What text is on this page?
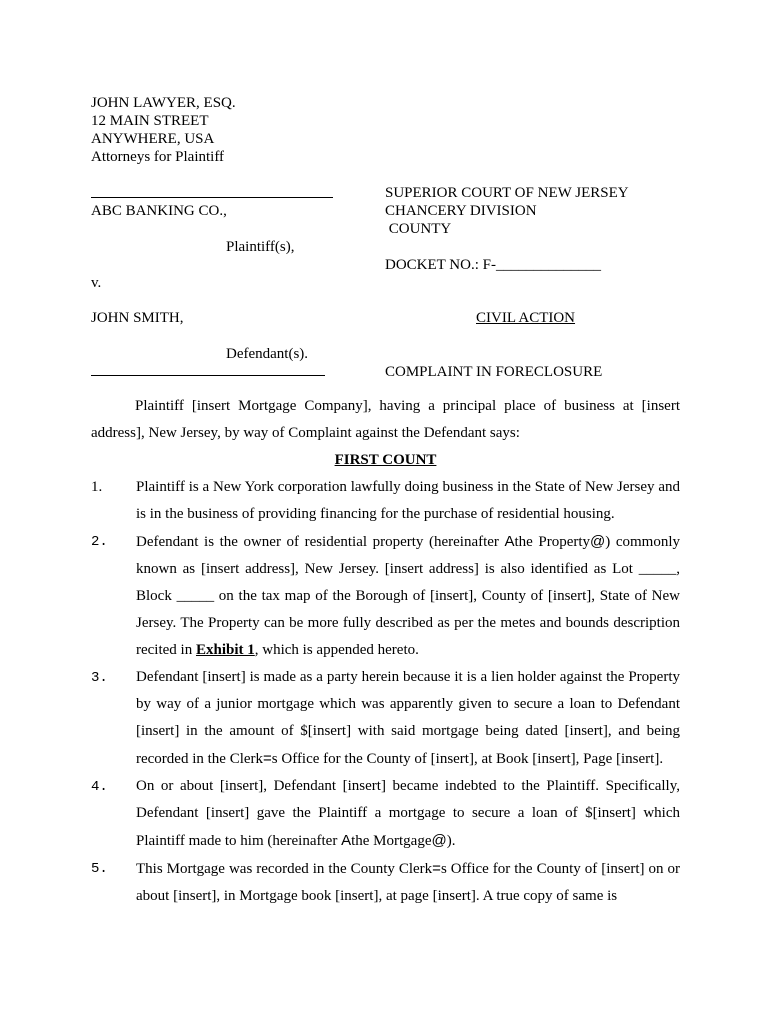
JOHN LAWYER, ESQ.
12 MAIN STREET
ANYWHERE, USA
Attorneys for Plaintiff
ABC BANKING CO.,
Plaintiff(s),
v.
JOHN SMITH,
Defendant(s).
SUPERIOR COURT OF NEW JERSEY
CHANCERY DIVISION
COUNTY
DOCKET NO.: F-______________
CIVIL ACTION
COMPLAINT IN FORECLOSURE

Plaintiff [insert Mortgage Company], having a principal place of business at [insert address], New Jersey, by way of Complaint against the Defendant says:

FIRST COUNT
1. Plaintiff is a New York corporation lawfully doing business in the State of New Jersey and is in the business of providing financing for the purchase of residential housing.
2. Defendant is the owner of residential property (hereinafter Athe Property@) commonly known as [insert address], New Jersey. [insert address] is also identified as Lot _____, Block _____ on the tax map of the Borough of [insert], County of [insert], State of New Jersey. The Property can be more fully described as per the metes and bounds description recited in Exhibit 1, which is appended hereto.
3. Defendant [insert] is made as a party herein because it is a lien holder against the Property by way of a junior mortgage which was apparently given to secure a loan to Defendant [insert] in the amount of $[insert] with said mortgage being dated [insert], and being recorded in the Clerk=s Office for the County of [insert], at Book [insert], Page [insert].
4. On or about [insert], Defendant [insert] became indebted to the Plaintiff. Specifically, Defendant [insert] gave the Plaintiff a mortgage to secure a loan of $[insert] which Plaintiff made to him (hereinafter Athe Mortgage@).
5. This Mortgage was recorded in the County Clerk=s Office for the County of [insert] on or about [insert], in Mortgage book [insert], at page [insert]. A true copy of same is
